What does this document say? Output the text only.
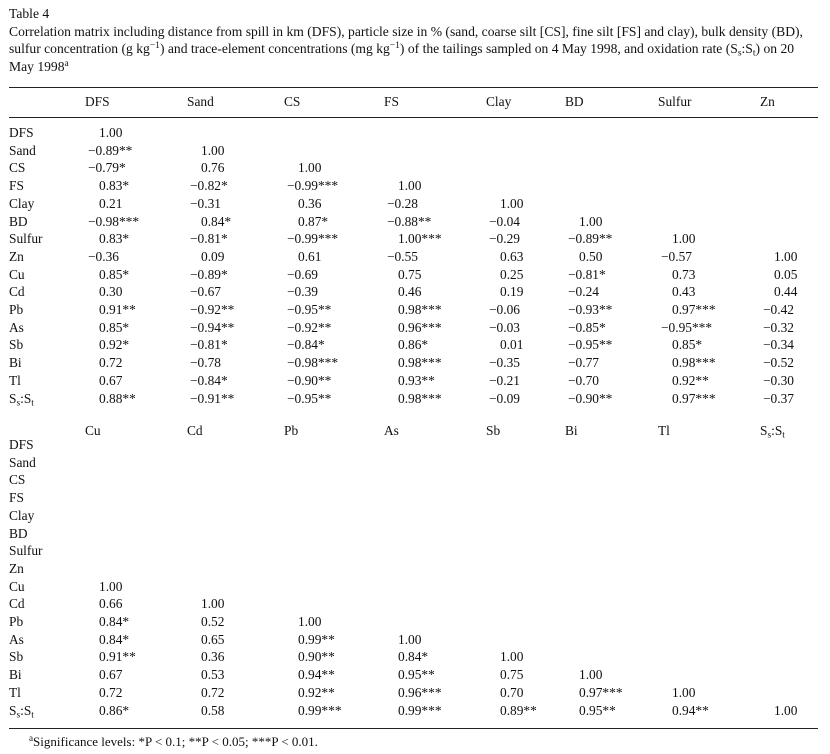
Table 4
Correlation matrix including distance from spill in km (DFS), particle size in % (sand, coarse silt [CS], fine silt [FS] and clay), bulk density (BD), sulfur concentration (g $kg^{-1}$) and trace-element concentrations (mg $kg^{-1}$) of the tailings sampled on 4 May 1998, and oxidation rate $(S_s:S_t)$ on 20 May 1998$^a$
DFS	Sand	CS	FS	Clay	BD	Sulfur	Zn
DFS	1.00
Sand	−0.89**	1.00
CS	−0.79*	0.76	1.00
FS	0.83*	−0.82*	−0.99***	1.00
Clay	0.21	−0.31	0.36	−0.28	1.00
BD	−0.98***	0.84*	0.87*	−0.88**	−0.04	1.00
Sulfur	0.83*	−0.81*	−0.99***	1.00***	−0.29	−0.89**	1.00
Zn	−0.36	0.09	0.61	−0.55	0.63	0.50	−0.57	1.00
Cu	0.85*	−0.89*	−0.69	0.75	0.25	−0.81*	0.73	0.05
Cd	0.30	−0.67	−0.39	0.46	0.19	−0.24	0.43	0.44
Pb	0.91**	−0.92**	−0.95**	0.98***	−0.06	−0.93**	0.97***	−0.42
As	0.85*	−0.94**	−0.92**	0.96***	−0.03	−0.85*	−0.95***	−0.32
Sb	0.92*	−0.81*	−0.84*	0.86*	0.01	−0.95**	0.85*	−0.34
Bi	0.72	−0.78	−0.98***	0.98***	−0.35	−0.77	0.98***	−0.52
Tl	0.67	−0.84*	−0.90**	0.93**	−0.21	−0.70	0.92**	−0.30
$S_s:S_t$	0.88**	−0.91**	−0.95**	0.98***	−0.09	−0.90**	0.97***	−0.37
Cu	Cd	Pb	As	Sb	Bi	Tl	$S_s:S_t$
DFS
Sand
CS
FS
Clay
BD
Sulfur
Zn
Cu	1.00
Cd	0.66	1.00
Pb	0.84*	0.52	1.00
As	0.84*	0.65	0.99**	1.00
Sb	0.91**	0.36	0.90**	0.84*	1.00
Bi	0.67	0.53	0.94**	0.95**	0.75	1.00
Tl	0.72	0.72	0.92**	0.96***	0.70	0.97***	1.00
$S_s:S_t$	0.86*	0.58	0.99***	0.99***	0.89**	0.95**	0.94**	1.00
$^a$Significance levels: *P < 0.1; **P < 0.05; ***P < 0.01.
